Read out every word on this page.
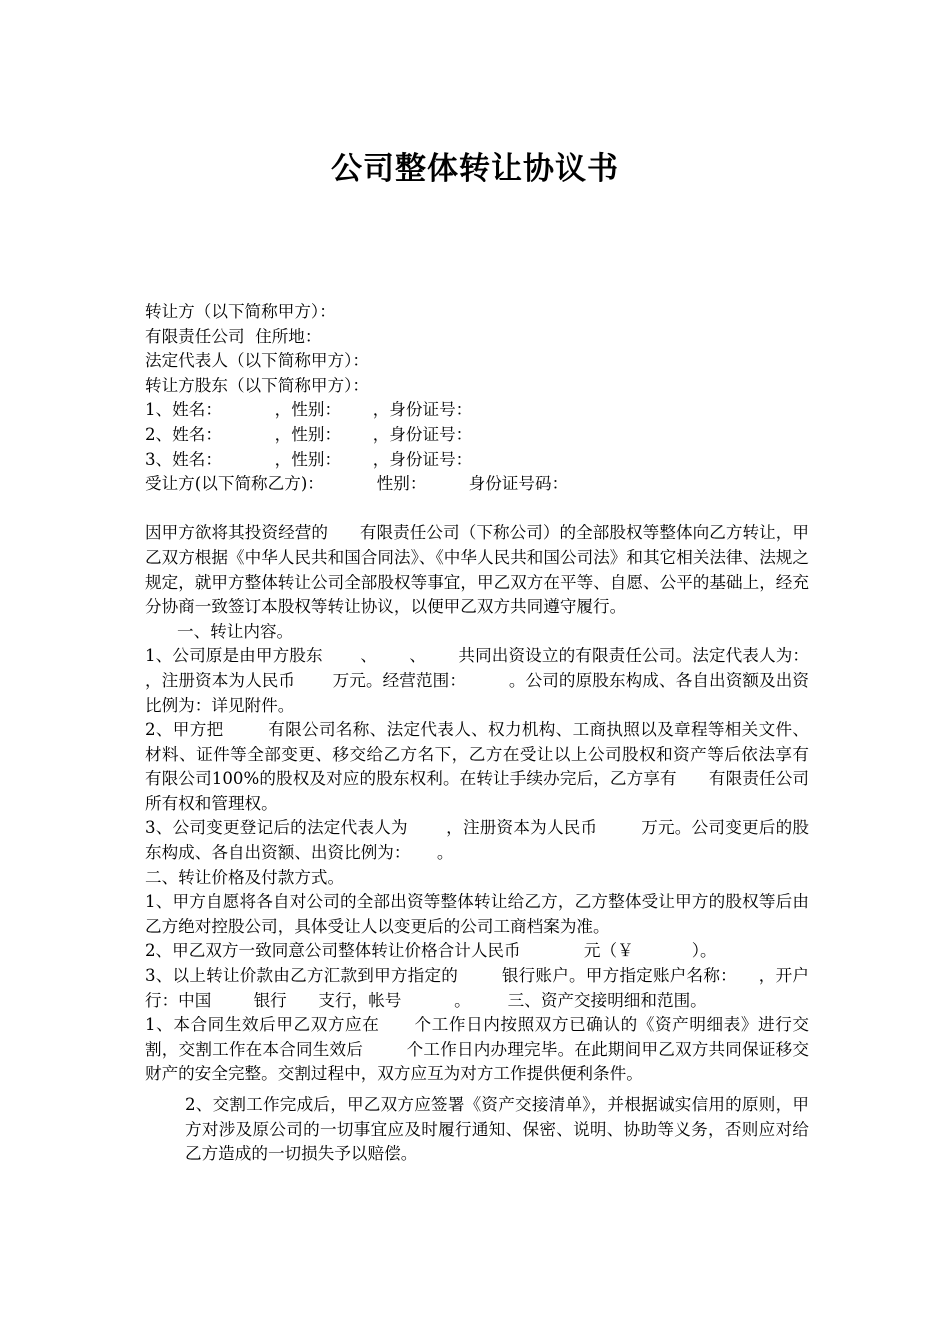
公司整体转让协议书

转让方（以下简称甲方）：

有限责任公司  住所地：

法定代表人（以下简称甲方）：

转让方股东（以下简称甲方）：

1、姓名：          ，性别：      ，身份证号：

2、姓名：          ，性别：      ，身份证号：

3、姓名：          ，性别：      ，身份证号：

受让方(以下简称乙方)：          性别：        身份证号码：

因甲方欲将其投资经营的      有限责任公司（下称公司）的全部股权等整体向乙方转让，甲乙双方根据《中华人民共和国合同法》、《中华人民共和国公司法》和其它相关法律、法规之规定，就甲方整体转让公司全部股权等事宜，甲乙双方在平等、自愿、公平的基础上，经充分协商一致签订本股权等转让协议，以便甲乙双方共同遵守履行。

一、转让内容。

1、公司原是由甲方股东       、      、      共同出资设立的有限责任公司。法定代表人为：      ，注册资本为人民币       万元。经营范围：        。公司的原股东构成、各自出资额及出资比例为：详见附件。

2、甲方把        有限公司名称、法定代表人、权力机构、工商执照以及章程等相关文件、材料、证件等全部变更、移交给乙方名下，乙方在受让以上公司股权和资产等后依法享有      有限公司100%的股权及对应的股东权利。在转让手续办完后，乙方享有      有限责任公司所有权和管理权。

3、公司变更登记后的法定代表人为       ，注册资本为人民币        万元。公司变更后的股东构成、各自出资额、出资比例为：     。

二、转让价格及付款方式。

1、甲方自愿将各自对公司的全部出资等整体转让给乙方，乙方整体受让甲方的股权等后由乙方绝对控股公司，具体受让人以变更后的公司工商档案为准。

2、甲乙双方一致同意公司整体转让价格合计人民币            元（￥           ）。

3、以上转让价款由乙方汇款到甲方指定的        银行账户。甲方指定账户名称：    ，开户行：中国        银行      支行，帐号          。       三、资产交接明细和范围。

1、本合同生效后甲乙双方应在      个工作日内按照双方已确认的《资产明细表》进行交割，交割工作在本合同生效后        个工作日内办理完毕。在此期间甲乙双方共同保证移交财产的安全完整。交割过程中，双方应互为对方工作提供便利条件。

2、交割工作完成后，甲乙双方应签署《资产交接清单》，并根据诚实信用的原则，甲方对涉及原公司的一切事宜应及时履行通知、保密、说明、协助等义务，否则应对给乙方造成的一切损失予以赔偿。
